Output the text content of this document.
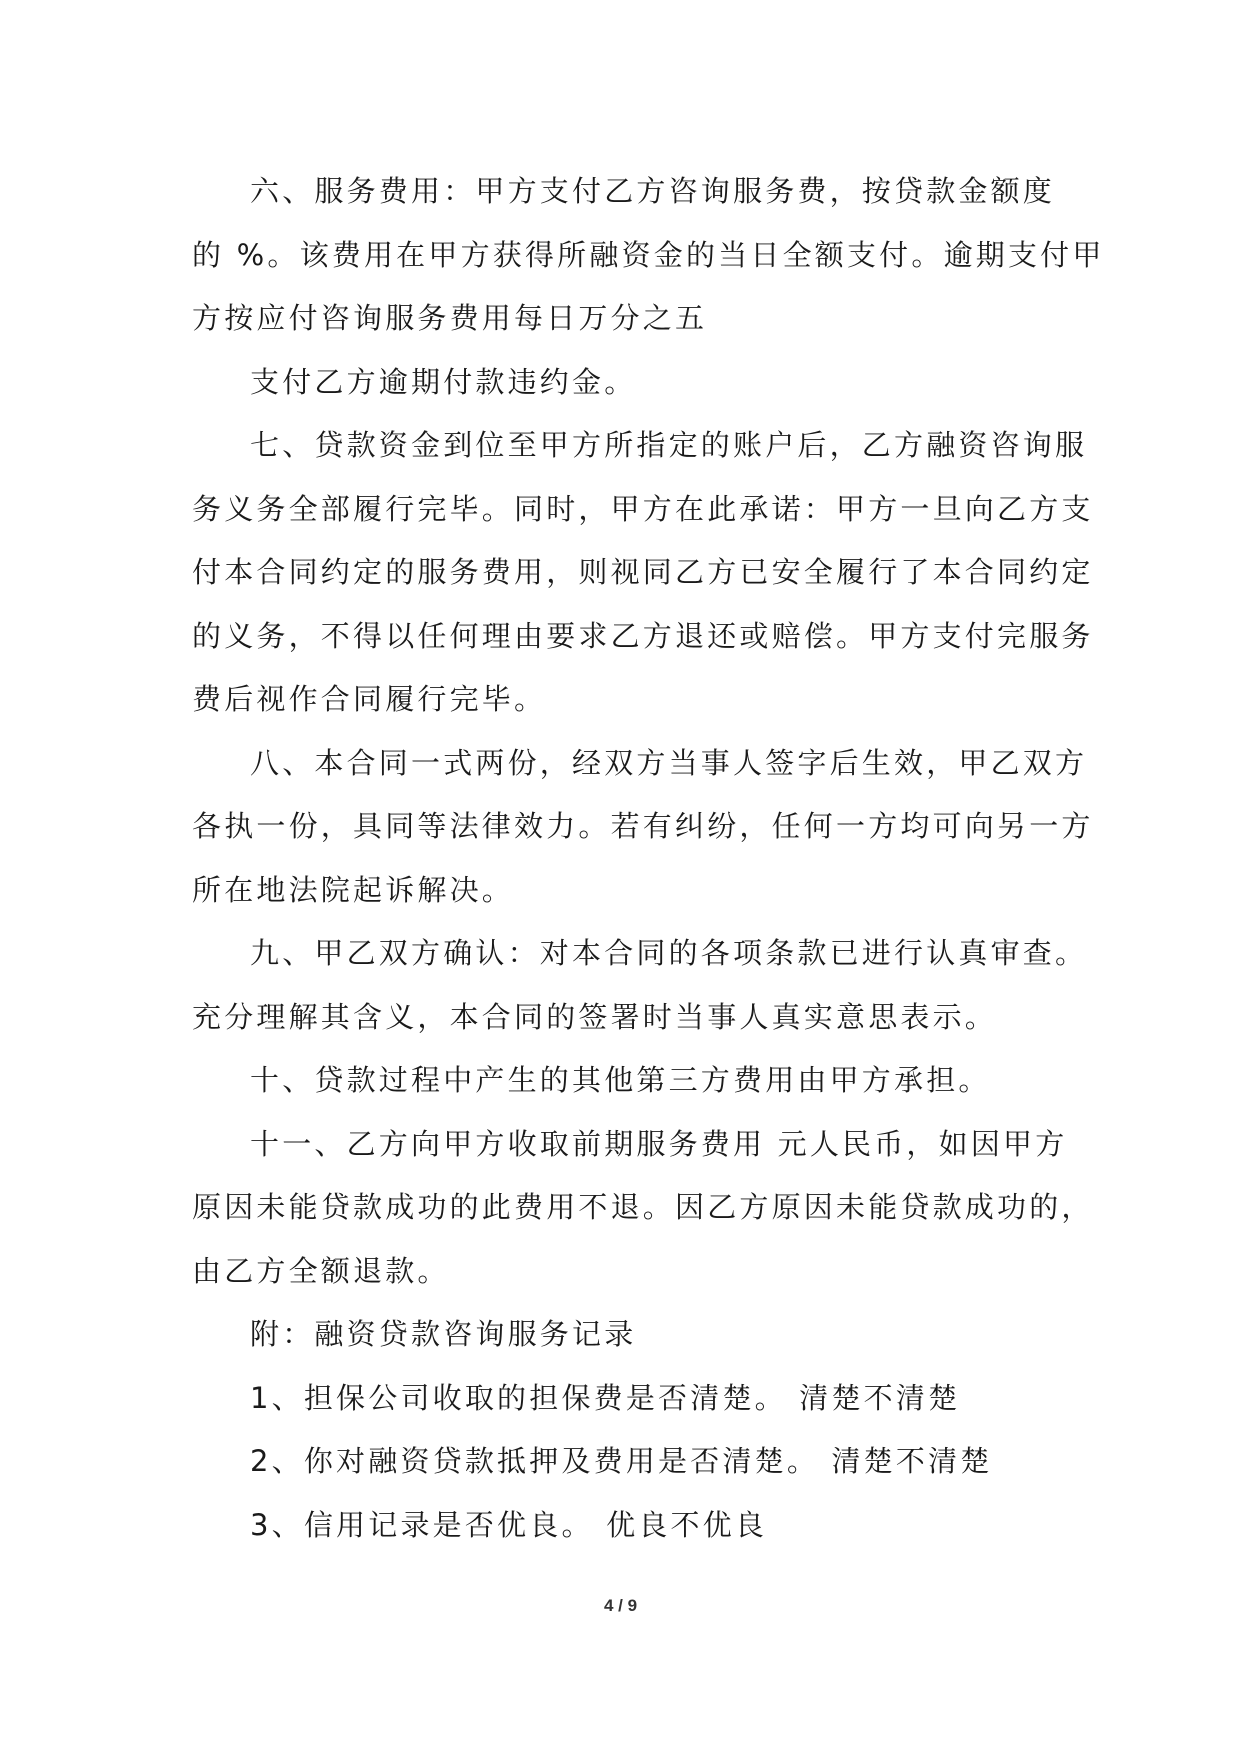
六、服务费用：甲方支付乙方咨询服务费，按贷款金额度
的 %。该费用在甲方获得所融资金的当日全额支付。逾期支付甲
方按应付咨询服务费用每日万分之五
支付乙方逾期付款违约金。
七、贷款资金到位至甲方所指定的账户后，乙方融资咨询服
务义务全部履行完毕。同时，甲方在此承诺：甲方一旦向乙方支
付本合同约定的服务费用，则视同乙方已安全履行了本合同约定
的义务，不得以任何理由要求乙方退还或赔偿。甲方支付完服务
费后视作合同履行完毕。
八、本合同一式两份，经双方当事人签字后生效，甲乙双方
各执一份，具同等法律效力。若有纠纷，任何一方均可向另一方
所在地法院起诉解决。
九、甲乙双方确认：对本合同的各项条款已进行认真审查。
充分理解其含义，本合同的签署时当事人真实意思表示。
十、贷款过程中产生的其他第三方费用由甲方承担。
十一、乙方向甲方收取前期服务费用 元人民币，如因甲方
原因未能贷款成功的此费用不退。因乙方原因未能贷款成功的，
由乙方全额退款。
附：融资贷款咨询服务记录
1、担保公司收取的担保费是否清楚。 清楚不清楚
2、你对融资贷款抵押及费用是否清楚。 清楚不清楚
3、信用记录是否优良。 优良不优良
4 / 9
